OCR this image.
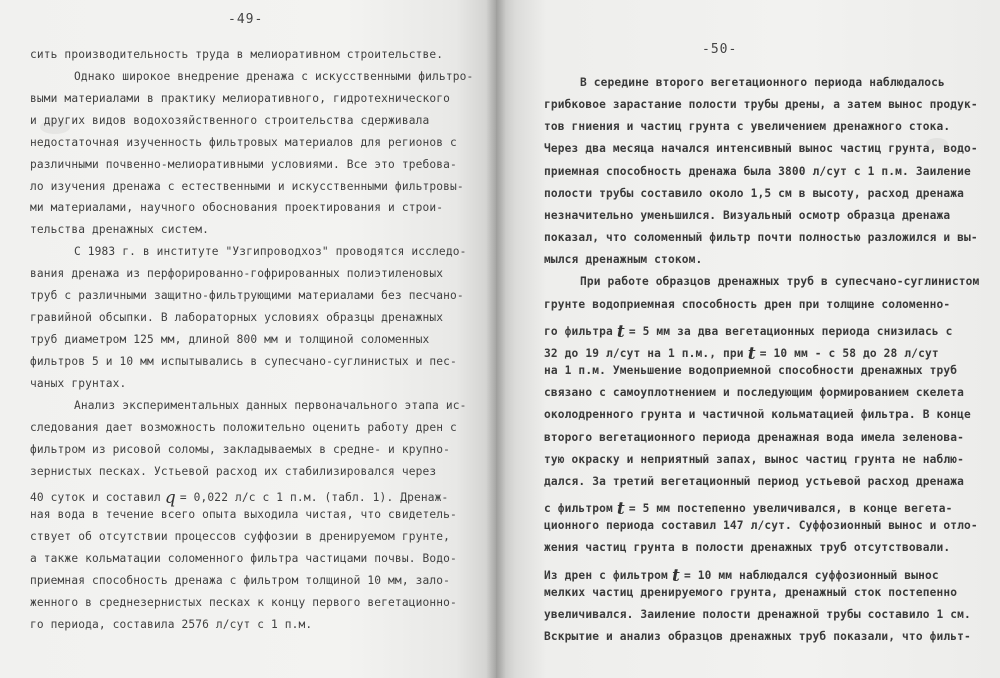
-49-
сить производительность труда в мелиоративном строительстве.
Однако широкое внедрение дренажа с искусственными фильтро-
выми материалами в практику мелиоративного, гидротехнического
и других видов водохозяйственного строительства сдерживала
недостаточная изученность фильтровых материалов для регионов с
различными почвенно-мелиоративными условиями. Все это требова-
ло изучения дренажа с естественными и искусственными фильтровы-
ми материалами, научного обоснования проектирования и строи-
тельства дренажных систем.
С 1983 г. в институте "Узгипроводхоз" проводятся исследо-
вания дренажа из перфорированно-гофрированных полиэтиленовых
труб с различными защитно-фильтрующими материалами без песчано-
гравийной обсыпки. В лабораторных условиях образцы дренажных
труб диаметром 125 мм, длиной 800 мм и толщиной соломенных
фильтров 5 и 10 мм испытывались в супесчано-суглинистых и пес-
чаных грунтах.
Анализ экспериментальных данных первоначального этапа ис-
следования дает возможность положительно оценить работу дрен с
фильтром из рисовой соломы, закладываемых в средне- и крупно-
зернистых песках. Устьевой расход их стабилизировался через
40 суток и составил q = 0,022 л/с с 1 п.м. (табл. 1). Дренаж-
ная вода в течение всего опыта выходила чистая, что свидетель-
ствует об отсутствии процессов суффозии в дренируемом грунте,
а также кольматации соломенного фильтра частицами почвы. Водо-
приемная способность дренажа с фильтром толщиной 10 мм, зало-
женного в среднезернистых песках к концу первого вегетационно-
го периода, составила 2576 л/сут с 1 п.м.
-50-
В середине второго вегетационного периода наблюдалось
грибковое зарастание полости трубы дрены, а затем вынос продук-
тов гниения и частиц грунта с увеличением дренажного стока.
Через два месяца начался интенсивный вынос частиц грунта, водо-
приемная способность дренажа была 3800 л/сут с 1 п.м. Заиление
полости трубы составило около 1,5 см в высоту, расход дренажа
незначительно уменьшился. Визуальный осмотр образца дренажа
показал, что соломенный фильтр почти полностью разложился и вы-
мылся дренажным стоком.
При работе образцов дренажных труб в супесчано-суглинистом
грунте водоприемная способность дрен при толщине соломенно-
го фильтра t = 5 мм за два вегетационных периода снизилась с
32 до 19 л/сут на 1 п.м., при t = 10 мм - с 58 до 28 л/сут
на 1 п.м. Уменьшение водоприемной способности дренажных труб
связано с самоуплотнением и последующим формированием скелета
околодренного грунта и частичной кольматацией фильтра. В конце
второго вегетационного периода дренажная вода имела зеленова-
тую окраску и неприятный запах, вынос частиц грунта не наблю-
дался. За третий вегетационный период устьевой расход дренажа
с фильтром t = 5 мм постепенно увеличивался, в конце вегета-
ционного периода составил 147 л/сут. Суффозионный вынос и отло-
жения частиц грунта в полости дренажных труб отсутствовали.
Из дрен с фильтром t = 10 мм наблюдался суффозионный вынос
мелких частиц дренируемого грунта, дренажный сток постепенно
увеличивался. Заиление полости дренажной трубы составило 1 см.
Вскрытие и анализ образцов дренажных труб показали, что фильт-
